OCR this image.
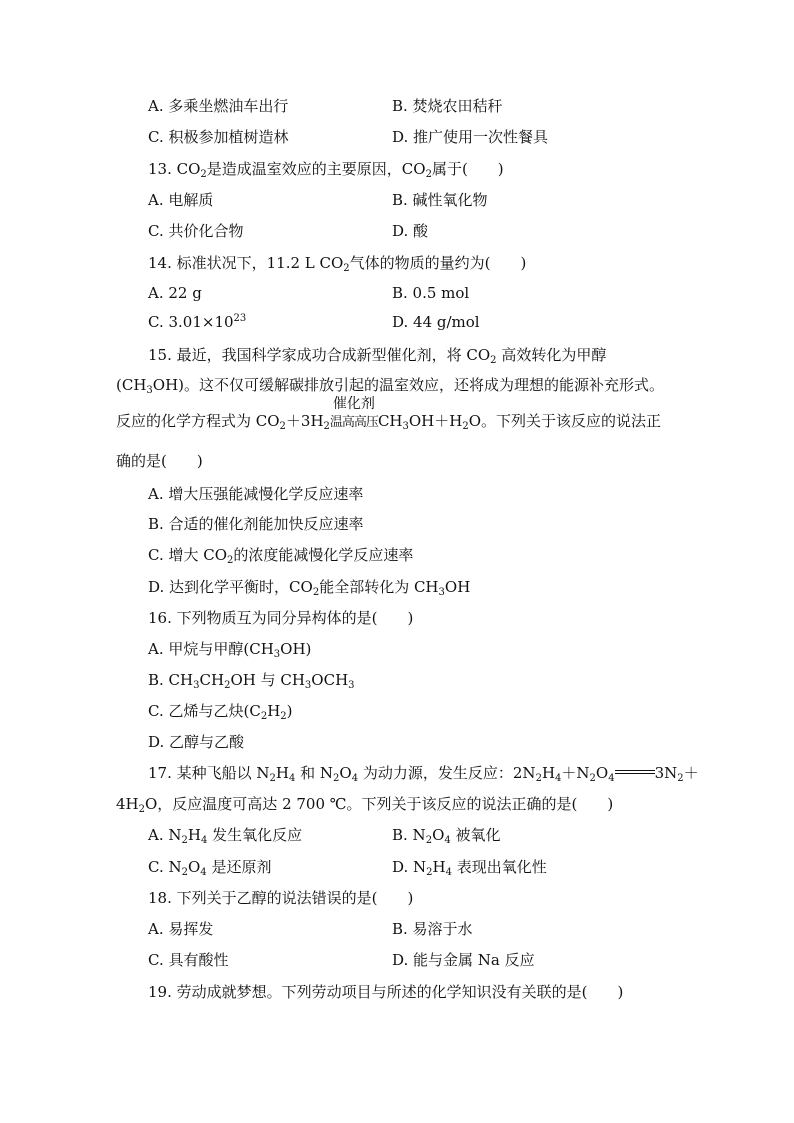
A. 多乘坐燃油车出行	B. 焚烧农田秸秆
C. 积极参加植树造林	D. 推广使用一次性餐具
13. $CO_2$是造成温室效应的主要原因，$CO_2$属于(　　)
A. 电解质	B. 碱性氧化物
C. 共价化合物	D. 酸
14. 标准状况下，11.2 L $CO_2$气体的物质的量约为(　　)
A. 22 g	B. 0.5 mol
C. $3.01\times 10^{23}$	D. 44 g/mol
15. 最近，我国科学家成功合成新型催化剂，将 $CO_2$ 高效转化为甲醇
$(CH_3OH)$。这不仅可缓解碳排放引起的温室效应，还将成为理想的能源补充形式。
反应的化学方程式为 $CO_2+3H_2$
催化剂
温高高压$CH_3OH+H_2O$。下列关于该反应的说法正
确的是(　　)
A. 增大压强能减慢化学反应速率
B. 合适的催化剂能加快反应速率
C. 增大 $CO_2$的浓度能减慢化学反应速率
D. 达到化学平衡时，$CO_2$能全部转化为 $CH_3OH$
16. 下列物质互为同分异构体的是(　　)
A. 甲烷与甲醇$(CH_3OH)$
B. $CH_3CH_2OH$ 与 $CH_3OCH_3$
C. 乙烯与乙炔$(C_2H_2)$
D. 乙醇与乙酸
17. 某种飞船以 $N_2H_4$ 和 $N_2O_4$ 为动力源，发生反应：$2N_2H_4+N_2O_4$	$3N_2+$
$4H_2O$，反应温度可高达 2 700 ℃。下列关于该反应的说法正确的是(　　)
A. $N_2H_4$ 发生氧化反应	B. $N_2O_4$ 被氧化
C. $N_2O_4$ 是还原剂	D. $N_2H_4$ 表现出氧化性
18. 下列关于乙醇的说法错误的是(　　)
A. 易挥发	B. 易溶于水
C. 具有酸性	D. 能与金属 Na 反应
19. 劳动成就梦想。下列劳动项目与所述的化学知识没有关联的是(　　)
